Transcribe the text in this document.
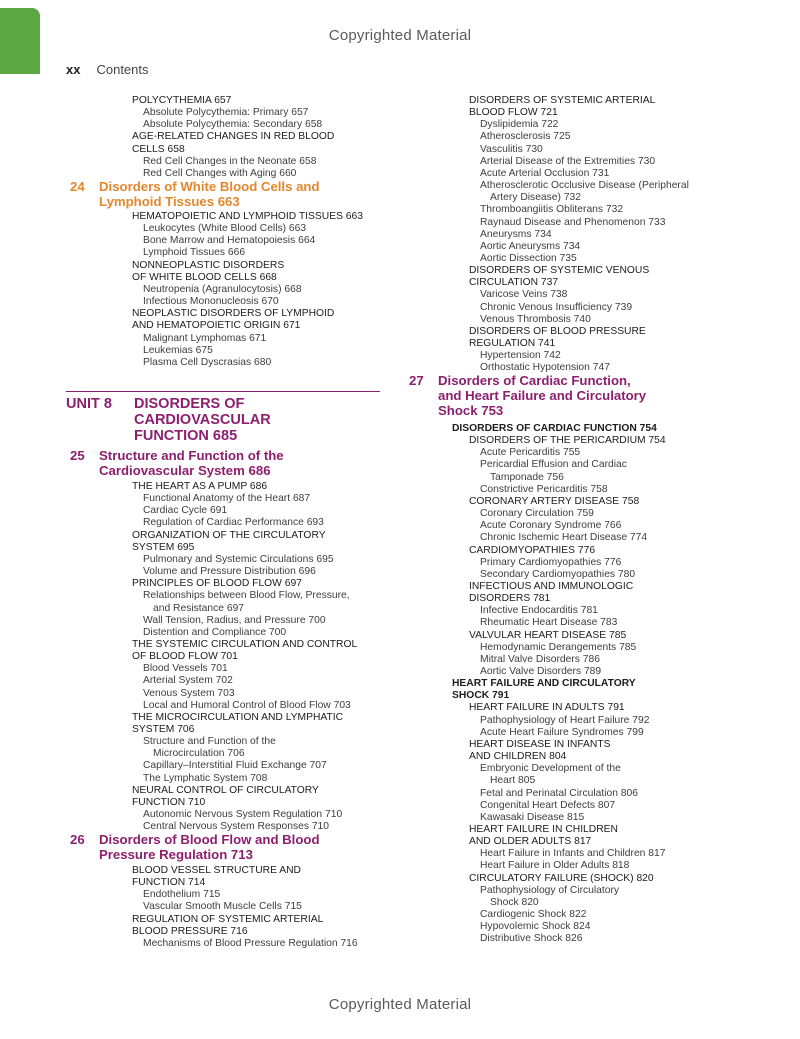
Copyrighted Material
Copyrighted Material
xx Contents
POLYCYTHEMIA 657
Absolute Polycythemia: Primary 657
Absolute Polycythemia: Secondary 658
AGE-RELATED CHANGES IN RED BLOOD
CELLS 658
Red Cell Changes in the Neonate 658
Red Cell Changes with Aging 660
24 Disorders of White Blood Cells and
Lymphoid Tissues 663
HEMATOPOIETIC AND LYMPHOID TISSUES 663
Leukocytes (White Blood Cells) 663
Bone Marrow and Hematopoiesis 664
Lymphoid Tissues 666
NONNEOPLASTIC DISORDERS
OF WHITE BLOOD CELLS 668
Neutropenia (Agranulocytosis) 668
Infectious Mononucleosis 670
NEOPLASTIC DISORDERS OF LYMPHOID
AND HEMATOPOIETIC ORIGIN 671
Malignant Lymphomas 671
Leukemias 675
Plasma Cell Dyscrasias 680
UNIT 8 DISORDERS OF
CARDIOVASCULAR
FUNCTION 685
25 Structure and Function of the
Cardiovascular System 686
THE HEART AS A PUMP 686
Functional Anatomy of the Heart 687
Cardiac Cycle 691
Regulation of Cardiac Performance 693
ORGANIZATION OF THE CIRCULATORY
SYSTEM 695
Pulmonary and Systemic Circulations 695
Volume and Pressure Distribution 696
PRINCIPLES OF BLOOD FLOW 697
Relationships between Blood Flow, Pressure,
and Resistance 697
Wall Tension, Radius, and Pressure 700
Distention and Compliance 700
THE SYSTEMIC CIRCULATION AND CONTROL
OF BLOOD FLOW 701
Blood Vessels 701
Arterial System 702
Venous System 703
Local and Humoral Control of Blood Flow 703
THE MICROCIRCULATION AND LYMPHATIC
SYSTEM 706
Structure and Function of the
Microcirculation 706
Capillary–Interstitial Fluid Exchange 707
The Lymphatic System 708
NEURAL CONTROL OF CIRCULATORY
FUNCTION 710
Autonomic Nervous System Regulation 710
Central Nervous System Responses 710
26 Disorders of Blood Flow and Blood
Pressure Regulation 713
BLOOD VESSEL STRUCTURE AND
FUNCTION 714
Endothelium 715
Vascular Smooth Muscle Cells 715
REGULATION OF SYSTEMIC ARTERIAL
BLOOD PRESSURE 716
Mechanisms of Blood Pressure Regulation 716
DISORDERS OF SYSTEMIC ARTERIAL
BLOOD FLOW 721
Dyslipidemia 722
Atherosclerosis 725
Vasculitis 730
Arterial Disease of the Extremities 730
Acute Arterial Occlusion 731
Atherosclerotic Occlusive Disease (Peripheral
Artery Disease) 732
Thromboangiitis Obliterans 732
Raynaud Disease and Phenomenon 733
Aneurysms 734
Aortic Aneurysms 734
Aortic Dissection 735
DISORDERS OF SYSTEMIC VENOUS
CIRCULATION 737
Varicose Veins 738
Chronic Venous Insufficiency 739
Venous Thrombosis 740
DISORDERS OF BLOOD PRESSURE
REGULATION 741
Hypertension 742
Orthostatic Hypotension 747
27 Disorders of Cardiac Function,
and Heart Failure and Circulatory
Shock 753
DISORDERS OF CARDIAC FUNCTION 754
DISORDERS OF THE PERICARDIUM 754
Acute Pericarditis 755
Pericardial Effusion and Cardiac
Tamponade 756
Constrictive Pericarditis 758
CORONARY ARTERY DISEASE 758
Coronary Circulation 759
Acute Coronary Syndrome 766
Chronic Ischemic Heart Disease 774
CARDIOMYOPATHIES 776
Primary Cardiomyopathies 776
Secondary Cardiomyopathies 780
INFECTIOUS AND IMMUNOLOGIC
DISORDERS 781
Infective Endocarditis 781
Rheumatic Heart Disease 783
VALVULAR HEART DISEASE 785
Hemodynamic Derangements 785
Mitral Valve Disorders 786
Aortic Valve Disorders 789
HEART FAILURE AND CIRCULATORY
SHOCK 791
HEART FAILURE IN ADULTS 791
Pathophysiology of Heart Failure 792
Acute Heart Failure Syndromes 799
HEART DISEASE IN INFANTS
AND CHILDREN 804
Embryonic Development of the
Heart 805
Fetal and Perinatal Circulation 806
Congenital Heart Defects 807
Kawasaki Disease 815
HEART FAILURE IN CHILDREN
AND OLDER ADULTS 817
Heart Failure in Infants and Children 817
Heart Failure in Older Adults 818
CIRCULATORY FAILURE (SHOCK) 820
Pathophysiology of Circulatory
Shock 820
Cardiogenic Shock 822
Hypovolemic Shock 824
Distributive Shock 826
